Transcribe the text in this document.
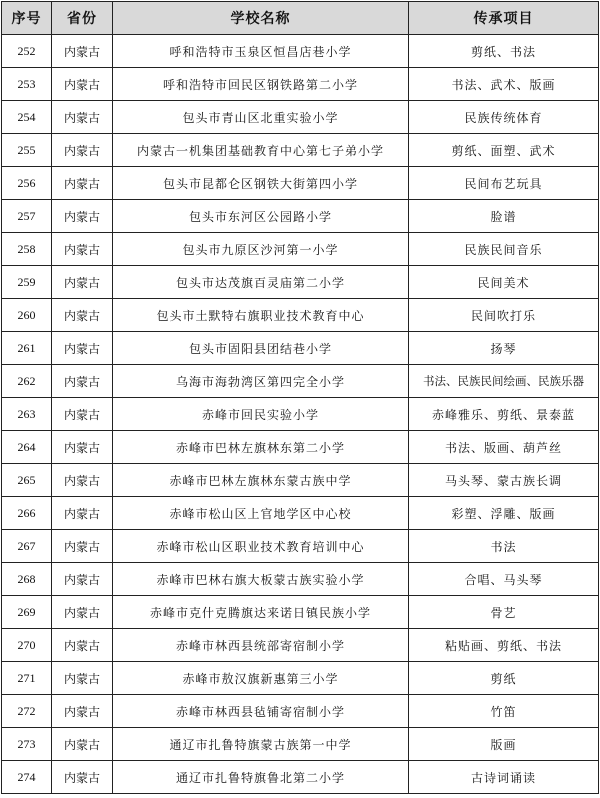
序号	省份	学校名称	传承项目
252	内蒙古	呼和浩特市玉泉区恒昌店巷小学	剪纸、书法
253	内蒙古	呼和浩特市回民区钢铁路第二小学	书法、武术、版画
254	内蒙古	包头市青山区北重实验小学	民族传统体育
255	内蒙古	内蒙古一机集团基础教育中心第七子弟小学	剪纸、面塑、武术
256	内蒙古	包头市昆都仑区钢铁大街第四小学	民间布艺玩具
257	内蒙古	包头市东河区公园路小学	脸谱
258	内蒙古	包头市九原区沙河第一小学	民族民间音乐
259	内蒙古	包头市达茂旗百灵庙第二小学	民间美术
260	内蒙古	包头市土默特右旗职业技术教育中心	民间吹打乐
261	内蒙古	包头市固阳县团结巷小学	扬琴
262	内蒙古	乌海市海勃湾区第四完全小学	书法、民族民间绘画、民族乐器
263	内蒙古	赤峰市回民实验小学	赤峰雅乐、剪纸、景泰蓝
264	内蒙古	赤峰市巴林左旗林东第二小学	书法、版画、葫芦丝
265	内蒙古	赤峰市巴林左旗林东蒙古族中学	马头琴、蒙古族长调
266	内蒙古	赤峰市松山区上官地学区中心校	彩塑、浮雕、版画
267	内蒙古	赤峰市松山区职业技术教育培训中心	书法
268	内蒙古	赤峰市巴林右旗大板蒙古族实验小学	合唱、马头琴
269	内蒙古	赤峰市克什克腾旗达来诺日镇民族小学	骨艺
270	内蒙古	赤峰市林西县统部寄宿制小学	粘贴画、剪纸、书法
271	内蒙古	赤峰市敖汉旗新惠第三小学	剪纸
272	内蒙古	赤峰市林西县毡铺寄宿制小学	竹笛
273	内蒙古	通辽市扎鲁特旗蒙古族第一中学	版画
274	内蒙古	通辽市扎鲁特旗鲁北第二小学	古诗词诵读
